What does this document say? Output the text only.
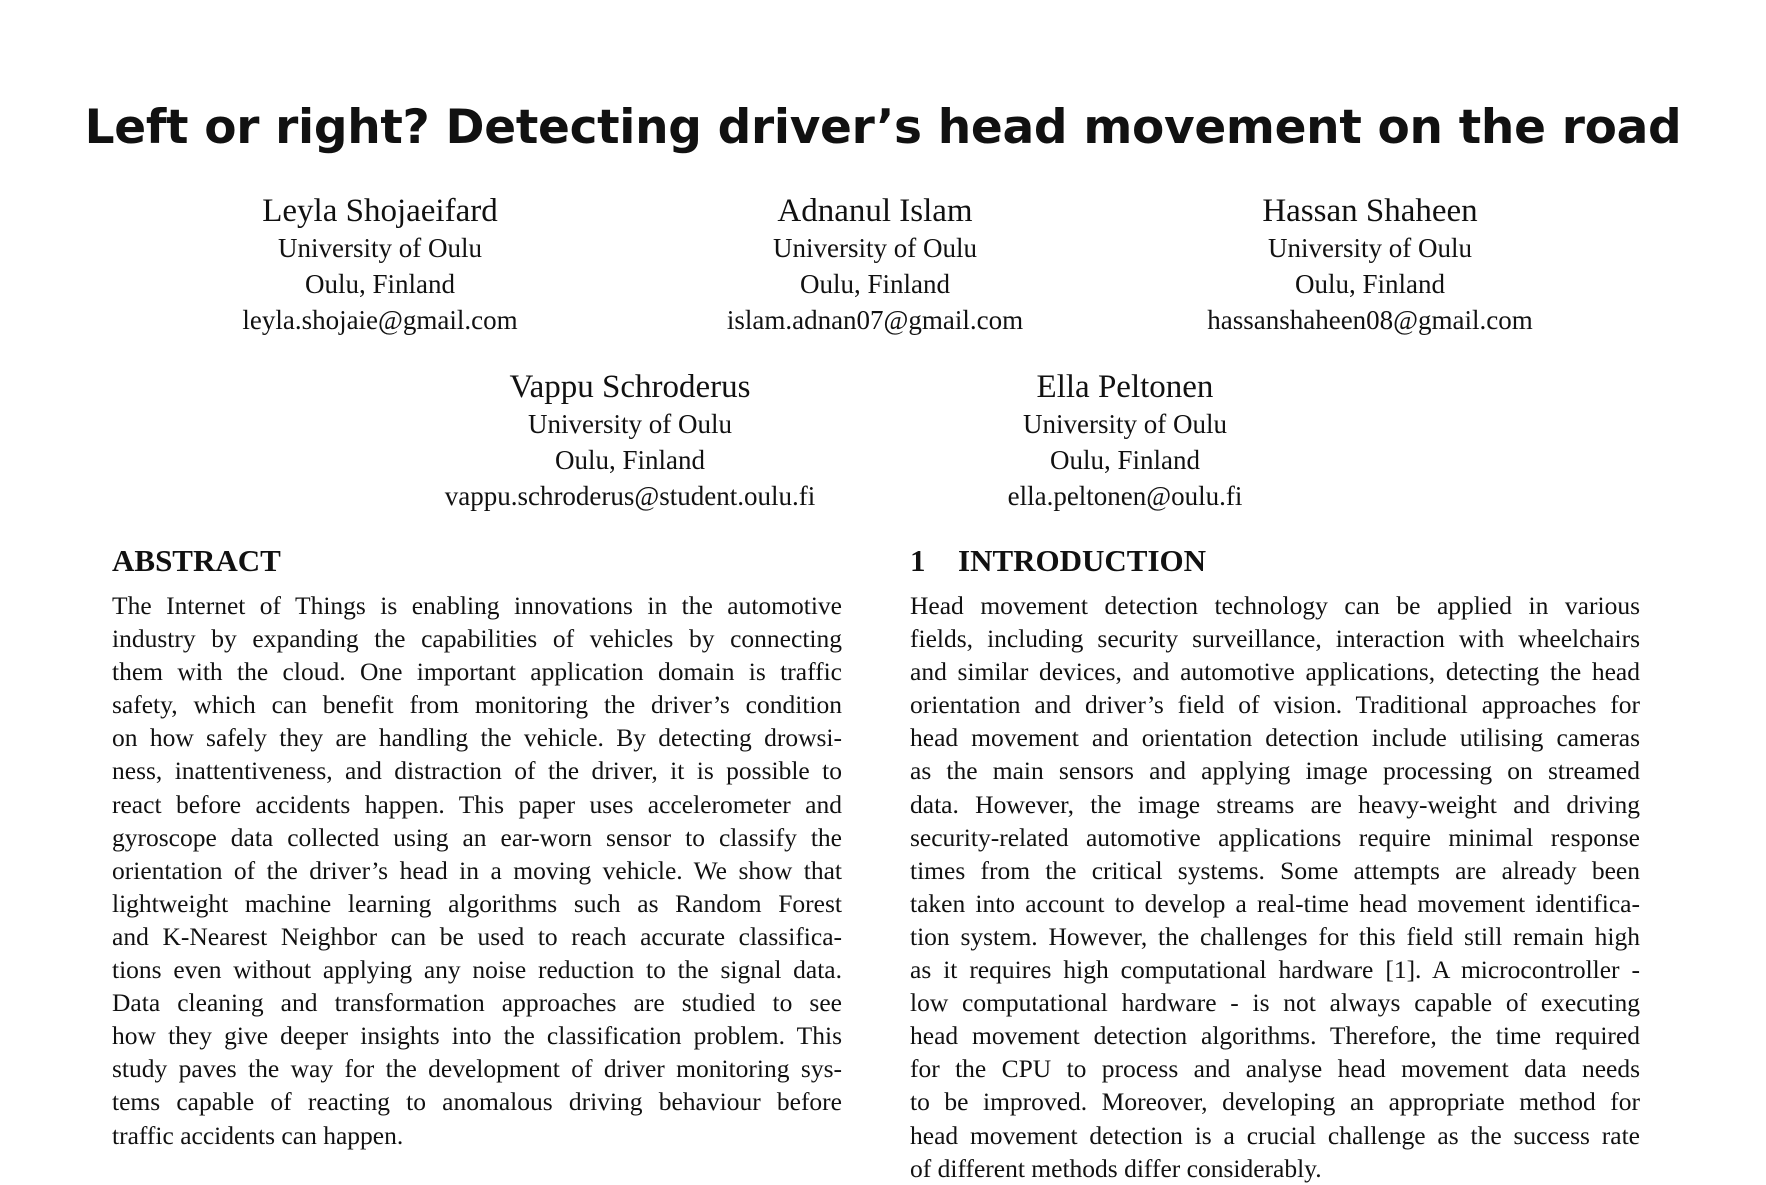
Left or right? Detecting driver’s head movement on the road
Leyla Shojaeifard
University of Oulu
Oulu, Finland
leyla.shojaie@gmail.com
Adnanul Islam
University of Oulu
Oulu, Finland
islam.adnan07@gmail.com
Hassan Shaheen
University of Oulu
Oulu, Finland
hassanshaheen08@gmail.com
Vappu Schroderus
University of Oulu
Oulu, Finland
vappu.schroderus@student.oulu.fi
Ella Peltonen
University of Oulu
Oulu, Finland
ella.peltonen@oulu.fi
ABSTRACT	1 INTRODUCTION
The Internet of Things is enabling innovations in the automotive
industry by expanding the capabilities of vehicles by connecting
them with the cloud. One important application domain is traffic
safety, which can benefit from monitoring the driver’s condition
on how safely they are handling the vehicle. By detecting drowsi-
ness, inattentiveness, and distraction of the driver, it is possible to
react before accidents happen. This paper uses accelerometer and
gyroscope data collected using an ear-worn sensor to classify the
orientation of the driver’s head in a moving vehicle. We show that
lightweight machine learning algorithms such as Random Forest
and K-Nearest Neighbor can be used to reach accurate classifica-
tions even without applying any noise reduction to the signal data.
Data cleaning and transformation approaches are studied to see
how they give deeper insights into the classification problem. This
study paves the way for the development of driver monitoring sys-
tems capable of reacting to anomalous driving behaviour before
traffic accidents can happen.
Head movement detection technology can be applied in various
fields, including security surveillance, interaction with wheelchairs
and similar devices, and automotive applications, detecting the head
orientation and driver’s field of vision. Traditional approaches for
head movement and orientation detection include utilising cameras
as the main sensors and applying image processing on streamed
data. However, the image streams are heavy-weight and driving
security-related automotive applications require minimal response
times from the critical systems. Some attempts are already been
taken into account to develop a real-time head movement identifica-
tion system. However, the challenges for this field still remain high
as it requires high computational hardware [1]. A microcontroller -
low computational hardware - is not always capable of executing
head movement detection algorithms. Therefore, the time required
for the CPU to process and analyse head movement data needs
to be improved. Moreover, developing an appropriate method for
head movement detection is a crucial challenge as the success rate
of different methods differ considerably.
